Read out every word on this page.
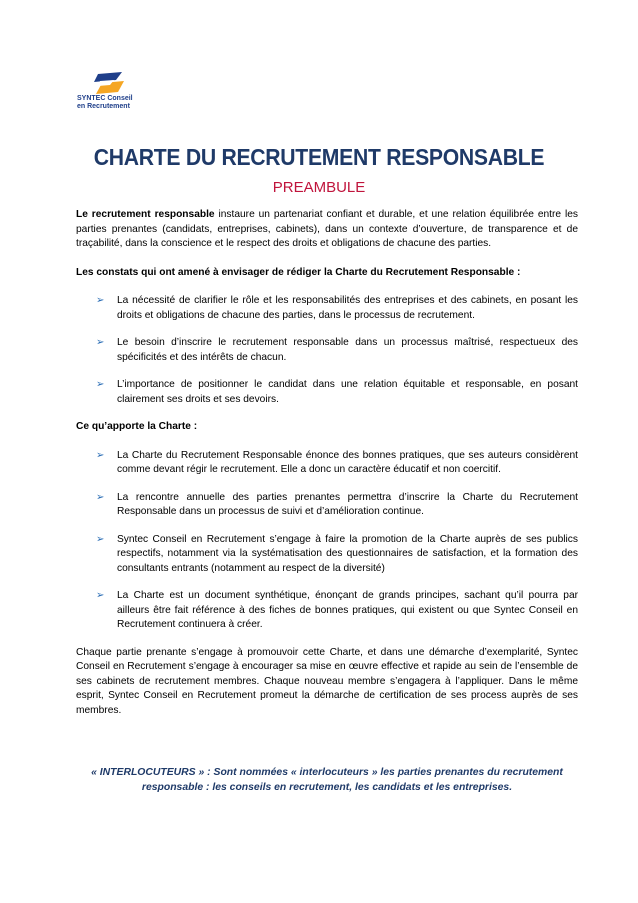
SYNTEC Conseil
en Recrutement
CHARTE DU RECRUTEMENT RESPONSABLE
PREAMBULE

Le recrutement responsable instaure un partenariat confiant et durable, et une relation équilibrée entre les parties prenantes (candidats, entreprises, cabinets), dans un contexte d’ouverture, de transparence et de traçabilité, dans la conscience et le respect des droits et obligations de chacune des parties.

Les constats qui ont amené à envisager de rédiger la Charte du Recrutement Responsable :
➢ La nécessité de clarifier le rôle et les responsabilités des entreprises et des cabinets, en posant les droits et obligations de chacune des parties, dans le processus de recrutement.
➢ Le besoin d’inscrire le recrutement responsable dans un processus maîtrisé, respectueux des spécificités et des intérêts de chacun.
➢ L’importance de positionner le candidat dans une relation équitable et responsable, en posant clairement ses droits et ses devoirs.
Ce qu’apporte la Charte :
➢ La Charte du Recrutement Responsable énonce des bonnes pratiques, que ses auteurs considèrent comme devant régir le recrutement. Elle a donc un caractère éducatif et non coercitif.
➢ La rencontre annuelle des parties prenantes permettra d’inscrire la Charte du Recrutement Responsable dans un processus de suivi et d’amélioration continue.
➢ Syntec Conseil en Recrutement s’engage à faire la promotion de la Charte auprès de ses publics respectifs, notamment via la systématisation des questionnaires de satisfaction, et la formation des consultants entrants (notamment au respect de la diversité)
➢ La Charte est un document synthétique, énonçant de grands principes, sachant qu’il pourra par ailleurs être fait référence à des fiches de bonnes pratiques, qui existent ou que Syntec Conseil en Recrutement continuera à créer.

Chaque partie prenante s’engage à promouvoir cette Charte, et dans une démarche d’exemplarité, Syntec Conseil en Recrutement s’engage à encourager sa mise en œuvre effective et rapide au sein de l’ensemble de ses cabinets de recrutement membres. Chaque nouveau membre s’engagera à l’appliquer. Dans le même esprit, Syntec Conseil en Recrutement promeut la démarche de certification de ses process auprès de ses membres.

« INTERLOCUTEURS » : Sont nommées « interlocuteurs » les parties prenantes du recrutement responsable : les conseils en recrutement, les candidats et les entreprises.
